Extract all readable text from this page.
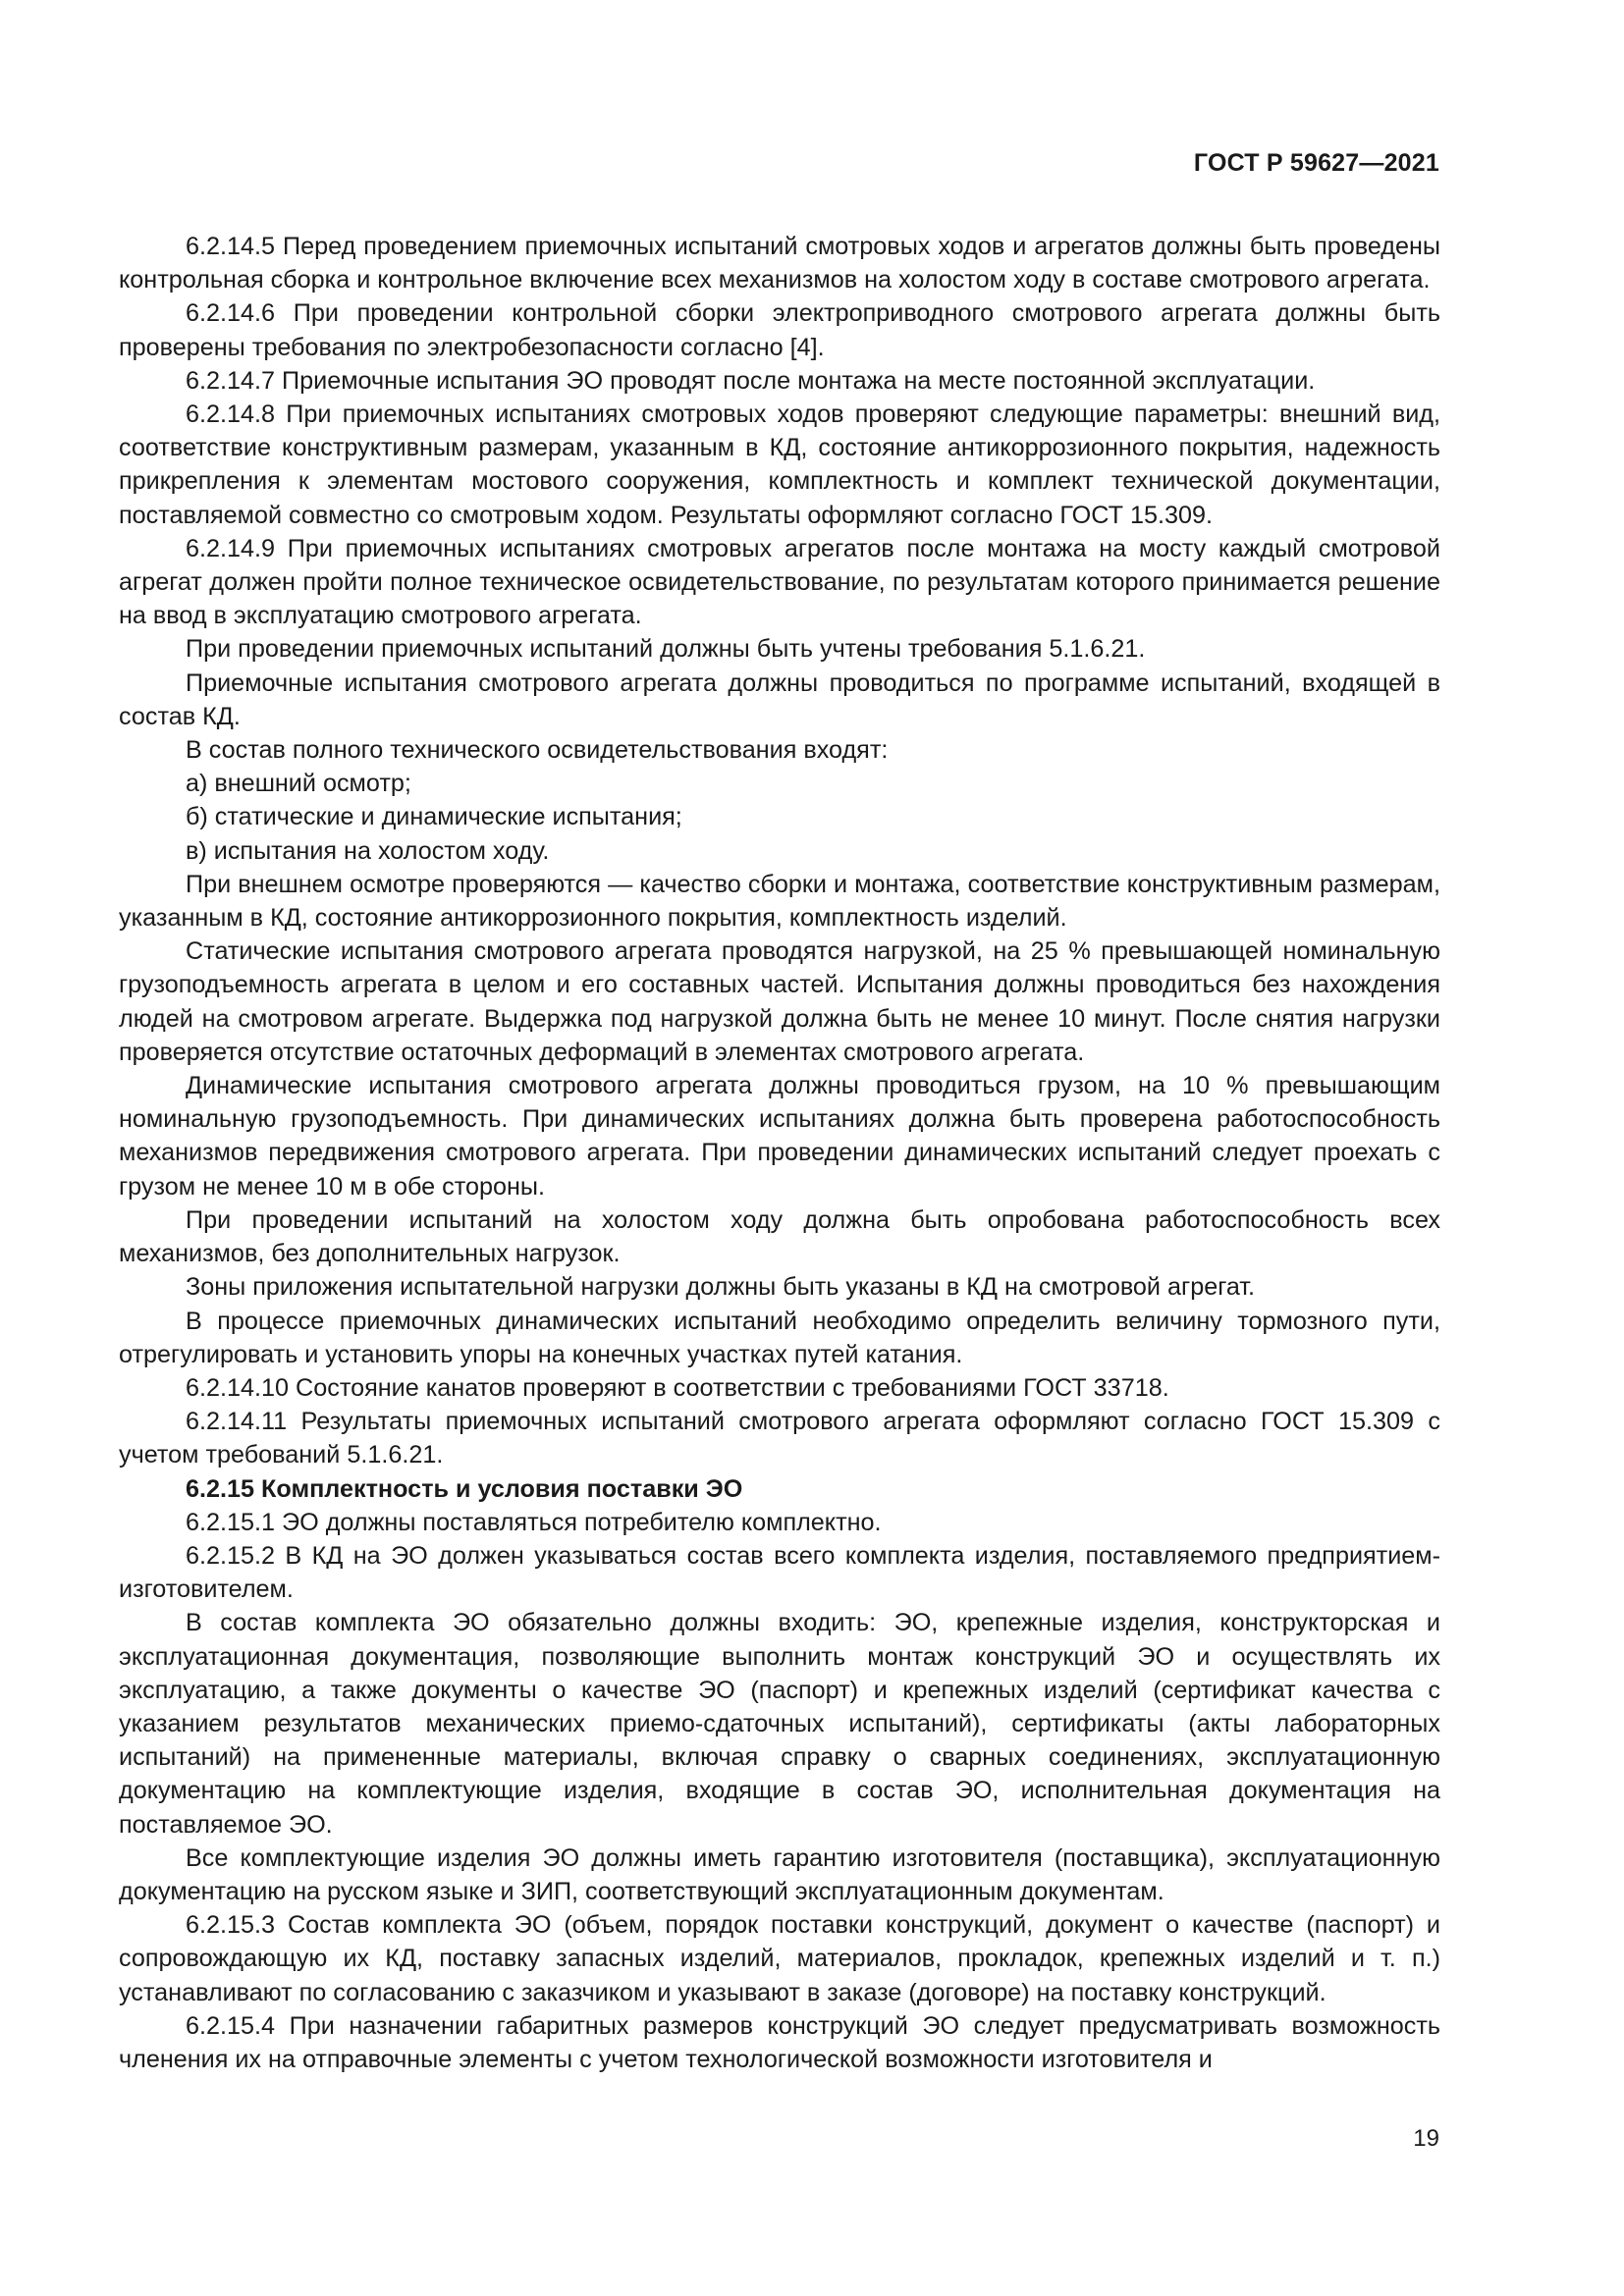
ГОСТ Р 59627—2021

6.2.14.5 Перед проведением приемочных испытаний смотровых ходов и агрегатов должны быть проведены контрольная сборка и контрольное включение всех механизмов на холостом ходу в составе смотрового агрегата.

6.2.14.6 При проведении контрольной сборки электроприводного смотрового агрегата должны быть проверены требования по электробезопасности согласно [4].

6.2.14.7 Приемочные испытания ЭО проводят после монтажа на месте постоянной эксплуатации.

6.2.14.8 При приемочных испытаниях смотровых ходов проверяют следующие параметры: внешний вид, соответствие конструктивным размерам, указанным в КД, состояние антикоррозионного покрытия, надежность прикрепления к элементам мостового сооружения, комплектность и комплект технической документации, поставляемой совместно со смотровым ходом. Результаты оформляют согласно ГОСТ 15.309.

6.2.14.9 При приемочных испытаниях смотровых агрегатов после монтажа на мосту каждый смотровой агрегат должен пройти полное техническое освидетельствование, по результатам которого принимается решение на ввод в эксплуатацию смотрового агрегата.

При проведении приемочных испытаний должны быть учтены требования 5.1.6.21.

Приемочные испытания смотрового агрегата должны проводиться по программе испытаний, входящей в состав КД.

В состав полного технического освидетельствования входят:

а) внешний осмотр;

б) статические и динамические испытания;

в) испытания на холостом ходу.

При внешнем осмотре проверяются — качество сборки и монтажа, соответствие конструктивным размерам, указанным в КД, состояние антикоррозионного покрытия, комплектность изделий.

Статические испытания смотрового агрегата проводятся нагрузкой, на 25 % превышающей номинальную грузоподъемность агрегата в целом и его составных частей. Испытания должны проводиться без нахождения людей на смотровом агрегате. Выдержка под нагрузкой должна быть не менее 10 минут. После снятия нагрузки проверяется отсутствие остаточных деформаций в элементах смотрового агрегата.

Динамические испытания смотрового агрегата должны проводиться грузом, на 10 % превышающим номинальную грузоподъемность. При динамических испытаниях должна быть проверена работоспособность механизмов передвижения смотрового агрегата. При проведении динамических испытаний следует проехать с грузом не менее 10 м в обе стороны.

При проведении испытаний на холостом ходу должна быть опробована работоспособность всех механизмов, без дополнительных нагрузок.

Зоны приложения испытательной нагрузки должны быть указаны в КД на смотровой агрегат.

В процессе приемочных динамических испытаний необходимо определить величину тормозного пути, отрегулировать и установить упоры на конечных участках путей катания.

6.2.14.10 Состояние канатов проверяют в соответствии с требованиями ГОСТ 33718.

6.2.14.11 Результаты приемочных испытаний смотрового агрегата оформляют согласно ГОСТ 15.309 с учетом требований 5.1.6.21.

6.2.15 Комплектность и условия поставки ЭО

6.2.15.1 ЭО должны поставляться потребителю комплектно.

6.2.15.2 В КД на ЭО должен указываться состав всего комплекта изделия, поставляемого предприятием-изготовителем.

В состав комплекта ЭО обязательно должны входить: ЭО, крепежные изделия, конструкторская и эксплуатационная документация, позволяющие выполнить монтаж конструкций ЭО и осуществлять их эксплуатацию, а также документы о качестве ЭО (паспорт) и крепежных изделий (сертификат качества с указанием результатов механических приемо-сдаточных испытаний), сертификаты (акты лабораторных испытаний) на примененные материалы, включая справку о сварных соединениях, эксплуатационную документацию на комплектующие изделия, входящие в состав ЭО, исполнительная документация на поставляемое ЭО.

Все комплектующие изделия ЭО должны иметь гарантию изготовителя (поставщика), эксплуатационную документацию на русском языке и ЗИП, соответствующий эксплуатационным документам.

6.2.15.3 Состав комплекта ЭО (объем, порядок поставки конструкций, документ о качестве (паспорт) и сопровождающую их КД, поставку запасных изделий, материалов, прокладок, крепежных изделий и т. п.) устанавливают по согласованию с заказчиком и указывают в заказе (договоре) на поставку конструкций.

6.2.15.4 При назначении габаритных размеров конструкций ЭО следует предусматривать возможность членения их на отправочные элементы с учетом технологической возможности изготовителя и

19
